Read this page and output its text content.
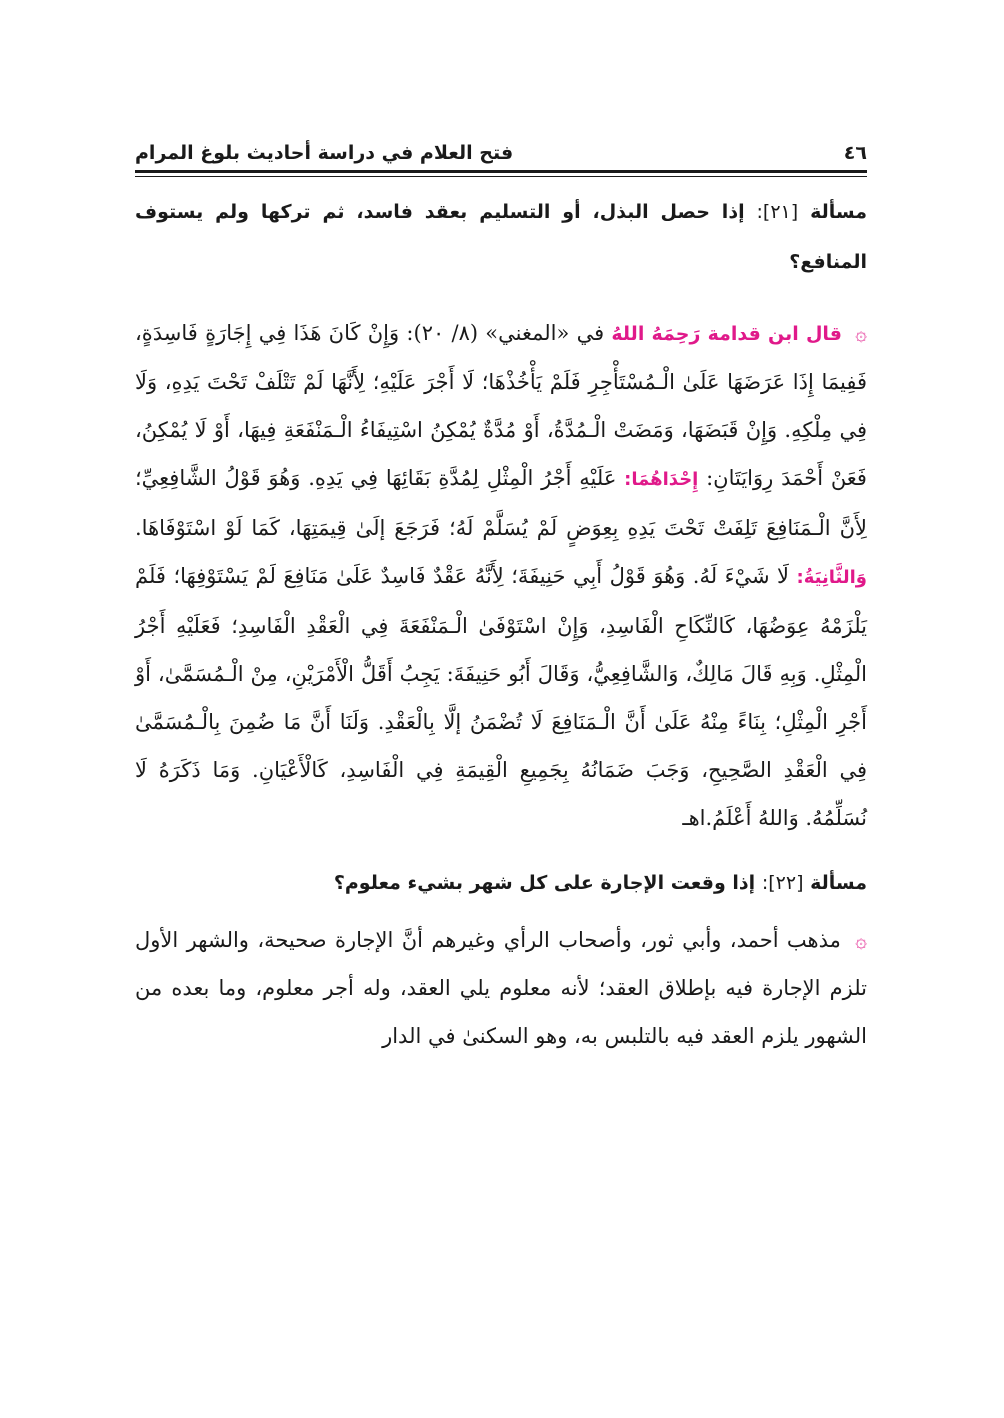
٤٦
فتح العلام في دراسة أحاديث بلوغ المرام
مسألة [٢١]: إذا حصل البذل، أو التسليم بعقد فاسد، ثم تركها ولم يستوف المنافع؟
۞ قال ابن قدامة رَحِمَهُ اللهُ في «المغني» (٨/ ٢٠): وَإِنْ كَانَ هَذَا فِي إِجَارَةٍ فَاسِدَةٍ، فَفِيمَا إِذَا عَرَضَهَا عَلَىٰ الْـمُسْتَأْجِرِ فَلَمْ يَأْخُذْهَا؛ لَا أَجْرَ عَلَيْهِ؛ لِأَنَّهَا لَمْ تَتْلَفْ تَحْتَ يَدِهِ، وَلَا فِي مِلْكِهِ. وَإِنْ قَبَضَهَا، وَمَضَتْ الْـمُدَّةُ، أَوْ مُدَّةٌ يُمْكِنُ اسْتِيفَاءُ الْـمَنْفَعَةِ فِيهَا، أَوْ لَا يُمْكِنُ، فَعَنْ أَحْمَدَ رِوَايَتَانِ: إِحْدَاهُمَا: عَلَيْهِ أَجْرُ الْمِثْلِ لِمُدَّةِ بَقَائِهَا فِي يَدِهِ. وَهُوَ قَوْلُ الشَّافِعِيِّ؛ لِأَنَّ الْـمَنَافِعَ تَلِفَتْ تَحْتَ يَدِهِ بِعِوَضٍ لَمْ يُسَلَّمْ لَهُ؛ فَرَجَعَ إلَىٰ قِيمَتِهَا، كَمَا لَوْ اسْتَوْفَاهَا. وَالثَّانِيَةُ: لَا شَيْءَ لَهُ. وَهُوَ قَوْلُ أَبِي حَنِيفَةَ؛ لِأَنَّهُ عَقْدٌ فَاسِدٌ عَلَىٰ مَنَافِعَ لَمْ يَسْتَوْفِهَا؛ فَلَمْ يَلْزَمْهُ عِوَضُهَا، كَالنِّكَاحِ الْفَاسِدِ، وَإِنْ اسْتَوْفَىٰ الْـمَنْفَعَةَ فِي الْعَقْدِ الْفَاسِدِ؛ فَعَلَيْهِ أَجْرُ الْمِثْلِ. وَبِهِ قَالَ مَالِكٌ، وَالشَّافِعِيُّ، وَقَالَ أَبُو حَنِيفَةَ: يَجِبُ أَقَلُّ الْأَمْرَيْنِ، مِنْ الْـمُسَمَّىٰ، أَوْ أَجْرِ الْمِثْلِ؛ بِنَاءً مِنْهُ عَلَىٰ أَنَّ الْـمَنَافِعَ لَا تُضْمَنُ إلَّا بِالْعَقْدِ. وَلَنَا أَنَّ مَا ضُمِنَ بِالْـمُسَمَّىٰ فِي الْعَقْدِ الصَّحِيحِ، وَجَبَ ضَمَانُهُ بِجَمِيعِ الْقِيمَةِ فِي الْفَاسِدِ، كَالْأَعْيَانِ. وَمَا ذَكَرَهُ لَا نُسَلِّمُهُ. وَاللهُ أَعْلَمُ.اهـ
مسألة [٢٢]: إذا وقعت الإجارة على كل شهر بشيء معلوم؟
۞ مذهب أحمد، وأبي ثور، وأصحاب الرأي وغيرهم أنَّ الإجارة صحيحة، والشهر الأول تلزم الإجارة فيه بإطلاق العقد؛ لأنه معلوم يلي العقد، وله أجر معلوم، وما بعده من الشهور يلزم العقد فيه بالتلبس به، وهو السكنىٰ في الدار
